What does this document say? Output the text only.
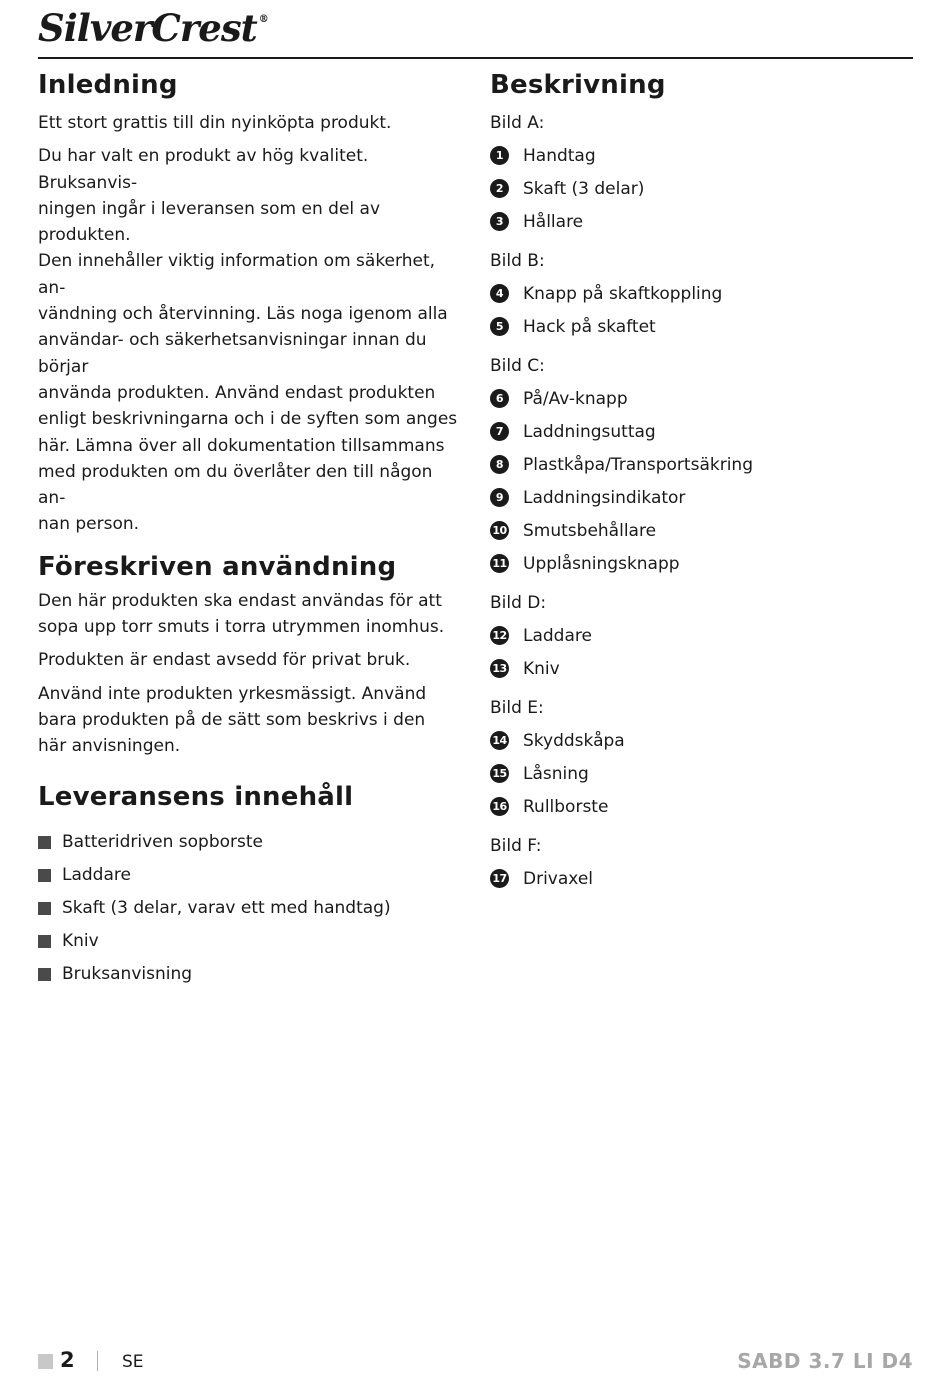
SilverCrest ®
Inledning

Ett stort grattis till din nyinköpta produkt.

Du har valt en produkt av hög kvalitet. Bruksanvis-
ningen ingår i leveransen som en del av produkten.
Den innehåller viktig information om säkerhet, an-
vändning och återvinning. Läs noga igenom alla
användar- och säkerhetsanvisningar innan du börjar
använda produkten. Använd endast produkten
enligt beskrivningarna och i de syften som anges
här. Lämna över all dokumentation tillsammans
med produkten om du överlåter den till någon an-
nan person.

Föreskriven användning

Den här produkten ska endast användas för att
sopa upp torr smuts i torra utrymmen inomhus.

Produkten är endast avsedd för privat bruk.

Använd inte produkten yrkesmässigt. Använd
bara produkten på de sätt som beskrivs i den
här anvisningen.

Leveransens innehåll
Batteridriven sopborste
Laddare
Skaft (3 delar, varav ett med handtag)
Kniv
Bruksanvisning
Beskrivning
Bild A:
1	Handtag
2	Skaft (3 delar)
3	Hållare
Bild B:
4	Knapp på skaftkoppling
5	Hack på skaftet
Bild C:
6	På/Av-knapp
7	Laddningsuttag
8	Plastkåpa/Transportsäkring
9	Laddningsindikator
10 Smutsbehållare
11 Upplåsningsknapp
Bild D:
12 Laddare
13 Kniv
Bild E:
14 Skyddskåpa
15 Låsning
16 Rullborste
Bild F:
17 Drivaxel
2	SE	SABD 3.7 LI D4
